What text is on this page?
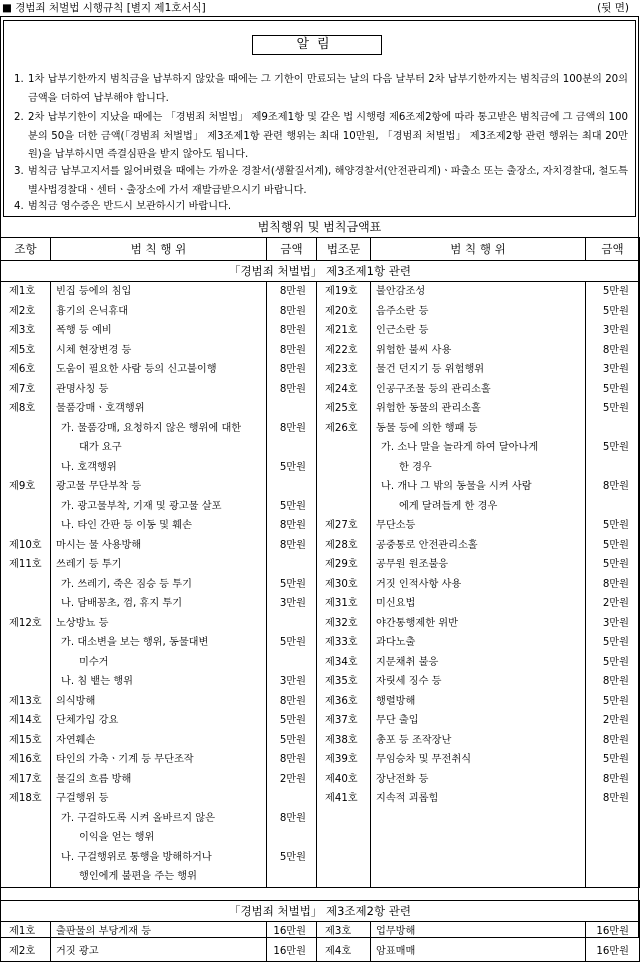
■ 경범죄 처벌법 시행규칙 [별지 제1호서식]	(뒷 면)
알림
1. 1차 납부기한까지 범칙금을 납부하지 않았을 때에는 그 기한이 만료되는 날의 다음 날부터 2차 납부기한까지는 범칙금의 100분의 20의 금액을 더하여 납부해야 합니다.
2. 2차 납부기한이 지났을 때에는 「경범죄 처벌법」 제9조제1항 및 같은 법 시행령 제6조제2항에 따라 통고받은 범칙금에 그 금액의 100분의 50을 더한 금액(「경범죄 처벌법」 제3조제1항 관련 행위는 최대 10만원, 「경범죄 처벌법」 제3조제2항 관련 행위는 최대 20만원)을 납부하시면 즉결심판을 받지 않아도 됩니다.
3. 범칙금 납부고지서를 잃어버렸을 때에는 가까운 경찰서(생활질서계), 해양경찰서(안전관리계)ㆍ파출소 또는 출장소, 자치경찰대, 철도특별사법경찰대ㆍ센터ㆍ출장소에 가서 재발급받으시기 바랍니다.
4. 범칙금 영수증은 반드시 보관하시기 바랍니다.
범칙행위 및 범칙금액표
조항	범 칙 행 위	금액	법조문	범 칙 행 위	금액
「경범죄 처벌법」 제3조제1항 관련					

제1호	빈집 등에의 침입	8만원	제19호	불안감조성	5만원

제2호	흉기의 은닉휴대	8만원	제20호	음주소란 등	5만원

제3호	폭행 등 예비	8만원	제21호	인근소란 등	3만원

제5호	시체 현장변경 등	8만원	제22호	위험한 불씨 사용	8만원

제6호	도움이 필요한 사람 등의 신고불이행	8만원	제23호	물건 던지기 등 위험행위	3만원

제7호	관명사칭 등	8만원	제24호	인공구조물 등의 관리소홀	5만원

제8호	물품강매ㆍ호객행위		제25호	위험한 동물의 관리소홀	5만원

	가. 물품강매, 요청하지 않은 행위에 대한	8만원	제26호	동물 등에 의한 행패 등	

	대가 요구			가. 소나 말을 놀라게 하여 달아나게	5만원

	나. 호객행위	5만원		한 경우	

제9호	광고물 무단부착 등			나. 개나 그 밖의 동물을 시켜 사람	8만원

	가. 광고물부착, 기재 및 광고물 살포	5만원		에게 달려들게 한 경우	

	나. 타인 간판 등 이동 및 훼손	8만원	제27호	무단소등	5만원

제10호	마시는 물 사용방해	8만원	제28호	공중통로 안전관리소홀	5만원

제11호	쓰레기 등 투기		제29호	공무원 원조불응	5만원

	가. 쓰레기, 죽은 짐승 등 투기	5만원	제30호	거짓 인적사항 사용	8만원

	나. 담배꽁초, 껌, 휴지 투기	3만원	제31호	미신요법	2만원

제12호	노상방뇨 등		제32호	야간통행제한 위반	3만원

	가. 대소변을 보는 행위, 동물대변	5만원	제33호	과다노출	5만원

	미수거		제34호	지문채취 불응	5만원

	나. 침 뱉는 행위	3만원	제35호	자릿세 징수 등	8만원

제13호	의식방해	8만원	제36호	행렬방해	5만원

제14호	단체가입 강요	5만원	제37호	무단 출입	2만원

제15호	자연훼손	5만원	제38호	총포 등 조작장난	8만원

제16호	타인의 가축ㆍ기계 등 무단조작	8만원	제39호	무임승차 및 무전취식	5만원

제17호	물길의 흐름 방해	2만원	제40호	장난전화 등	8만원

제18호	구걸행위 등		제41호	지속적 괴롭힘	8만원

	가. 구걸하도록 시켜 올바르지 않은	8만원			

	이익을 얻는 행위				

	나. 구걸행위로 통행을 방해하거나	5만원			

	행인에게 불편을 주는 행위				

「경범죄 처벌법」 제3조제2항 관련					

제1호	출판물의 부당게재 등	16만원	제3호	업무방해	16만원

제2호	거짓 광고	16만원	제4호	암표매매	16만원
